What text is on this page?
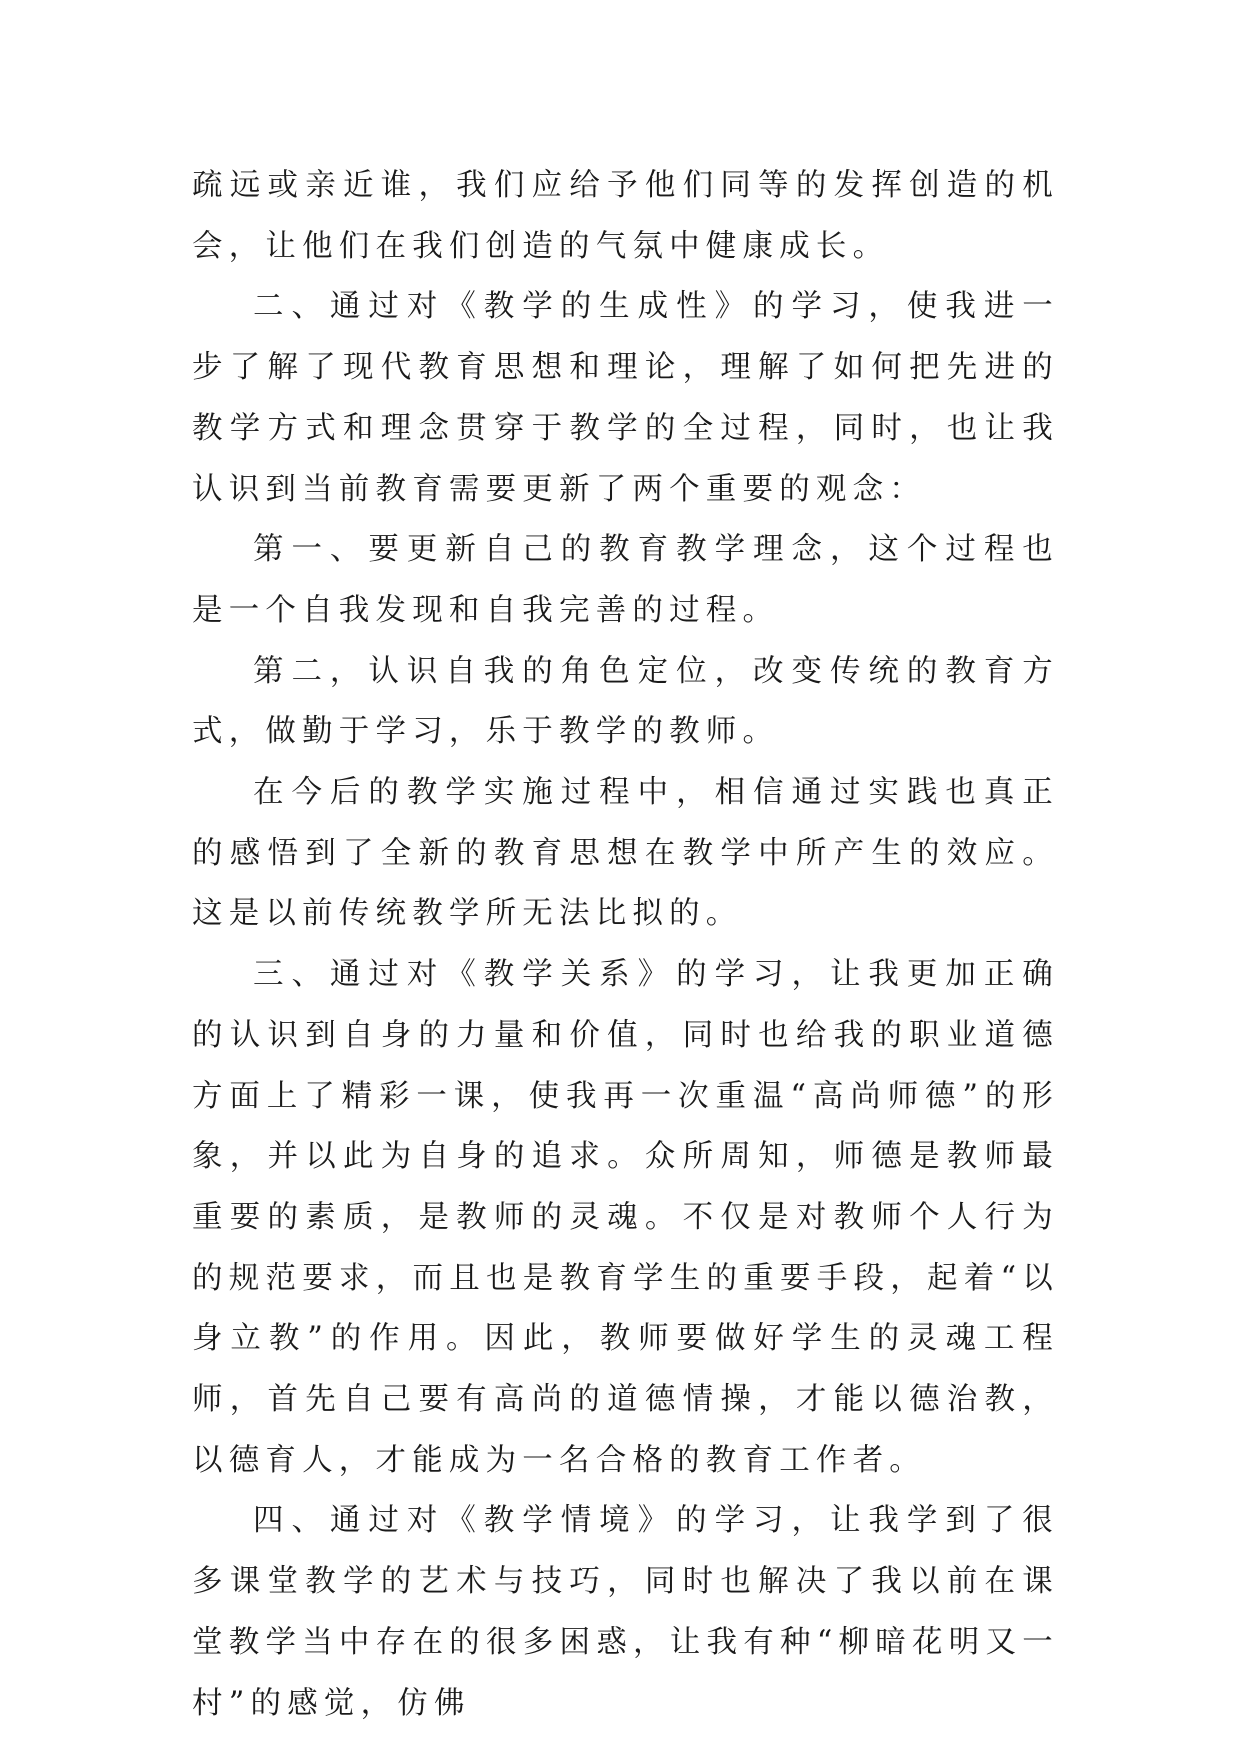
疏远或亲近谁，我们应给予他们同等的发挥创造的机会，让他们在我们创造的气氛中健康成长。

二、通过对《教学的生成性》的学习，使我进一步了解了现代教育思想和理论，理解了如何把先进的教学方式和理念贯穿于教学的全过程，同时，也让我认识到当前教育需要更新了两个重要的观念：

第一、要更新自己的教育教学理念，这个过程也是一个自我发现和自我完善的过程。

第二，认识自我的角色定位，改变传统的教育方式，做勤于学习，乐于教学的教师。

在今后的教学实施过程中，相信通过实践也真正的感悟到了全新的教育思想在教学中所产生的效应。这是以前传统教学所无法比拟的。

三、通过对《教学关系》的学习，让我更加正确的认识到自身的力量和价值，同时也给我的职业道德方面上了精彩一课，使我再一次重温“高尚师德”的形象，并以此为自身的追求。众所周知，师德是教师最重要的素质，是教师的灵魂。不仅是对教师个人行为的规范要求，而且也是教育学生的重要手段，起着“以身立教”的作用。因此，教师要做好学生的灵魂工程师，首先自己要有高尚的道德情操，才能以德治教，以德育人，才能成为一名合格的教育工作者。

四、通过对《教学情境》的学习，让我学到了很多课堂教学的艺术与技巧，同时也解决了我以前在课堂教学当中存在的很多困惑，让我有种“柳暗花明又一村”的感觉，仿佛
